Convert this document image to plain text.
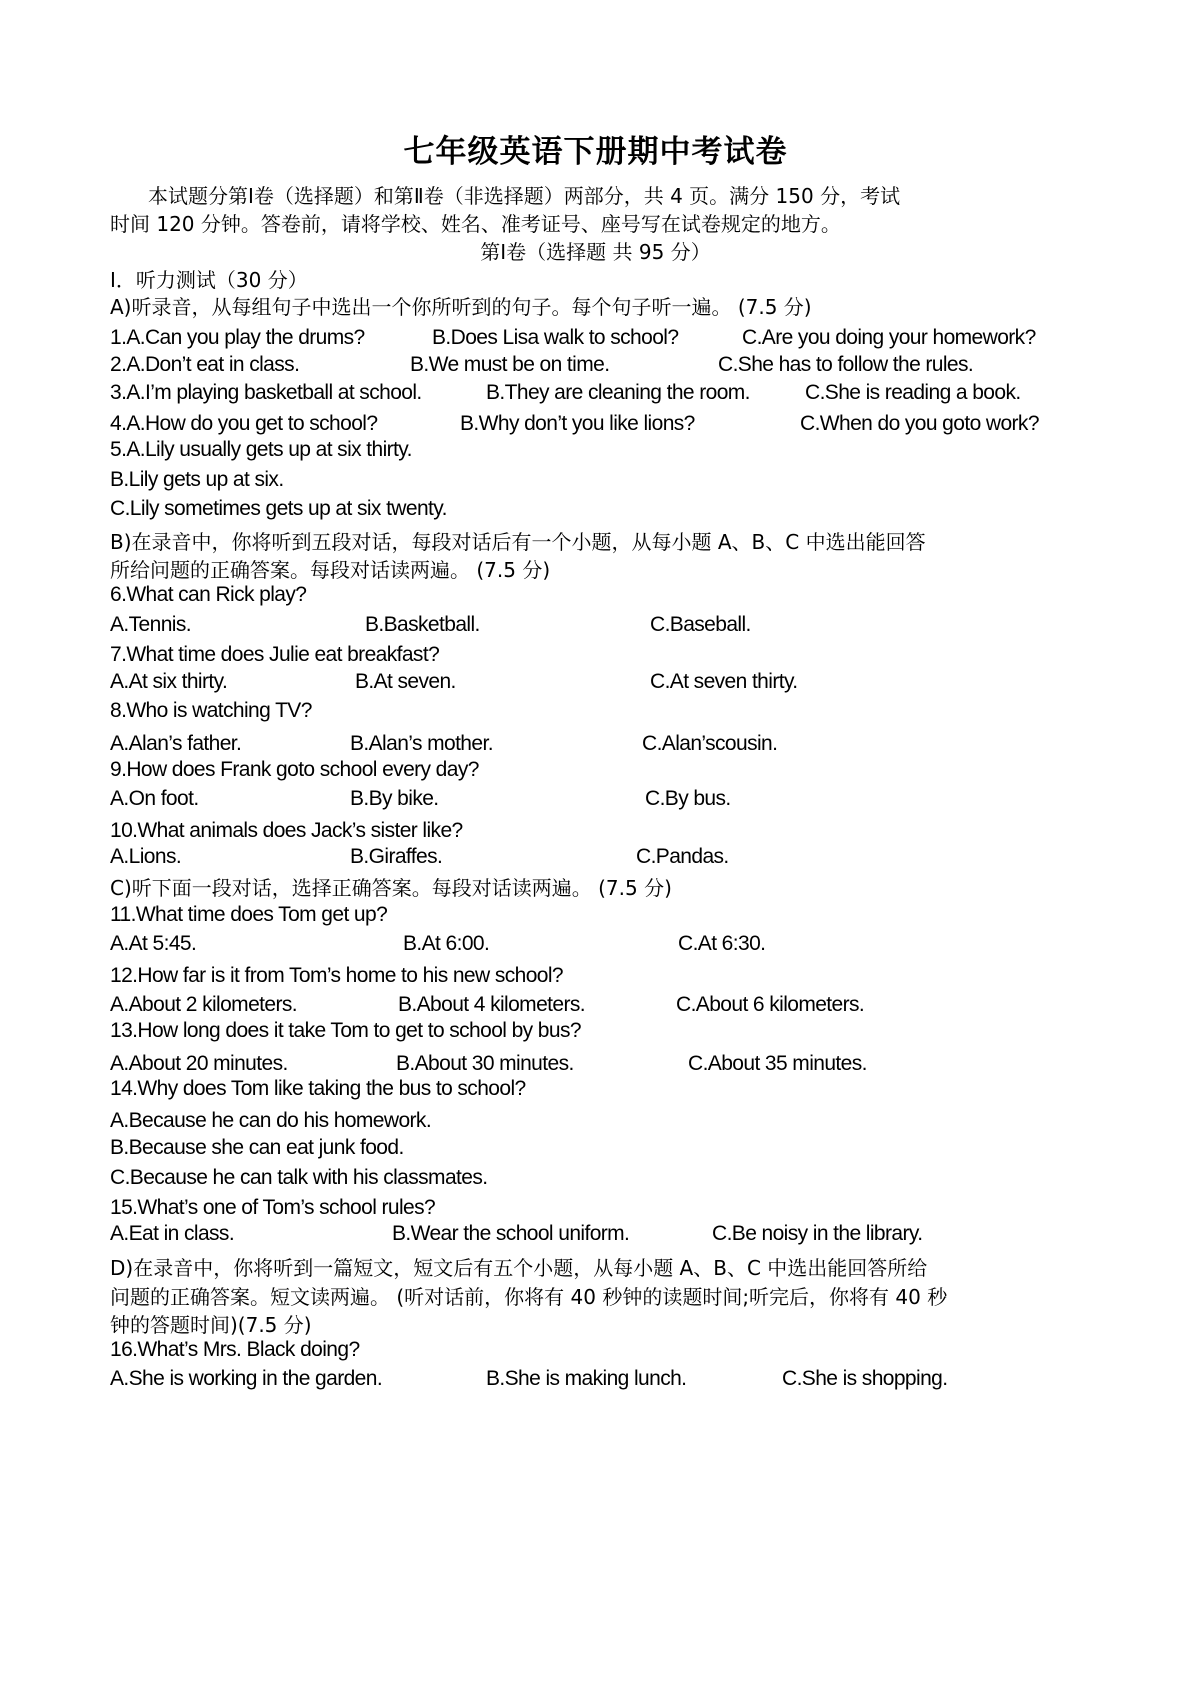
七年级英语下册期中考试卷
本试题分第Ⅰ卷（选择题）和第Ⅱ卷（非选择题）两部分，共 4 页。满分 150 分，考试
时间 120 分钟。答卷前，请将学校、姓名、准考证号、座号写在试卷规定的地方。
第Ⅰ卷（选择题 共 95 分）
Ⅰ．听力测试（30 分）
A)听录音，从每组句子中选出一个你所听到的句子。每个句子听一遍。 (7.5 分)
1.A.Can you play the drums?	B.Does Lisa walk to school?	C.Are you doing your homework?
2.A.Don’t eat in class.	B.We must be on time.	C.She has to follow the rules.
3.A.I’m playing basketball at school.	B.They are cleaning the room.	C.She is reading a book.
4.A.How do you get to school?	B.Why don’t you like lions?	C.When do you goto work?
5.A.Lily usually gets up at six thirty.
B.Lily gets up at six.
C.Lily sometimes gets up at six twenty.
B)在录音中，你将听到五段对话，每段对话后有一个小题，从每小题 A、B、C 中选出能回答
所给问题的正确答案。每段对话读两遍。 (7.5 分)
6.What can Rick play?
A.Tennis.	B.Basketball.	C.Baseball.
7.What time does Julie eat breakfast?
A.At six thirty.	B.At seven.	C.At seven thirty.
8.Who is watching TV?
A.Alan’s father.	B.Alan’s mother.	C.Alan’scousin.
9.How does Frank goto school every day?
A.On foot.	B.By bike.	C.By bus.
10.What animals does Jack’s sister like?
A.Lions.	B.Giraffes.	C.Pandas.
C)听下面一段对话，选择正确答案。每段对话读两遍。 (7.5 分)
11.What time does Tom get up?
A.At 5:45.	B.At 6:00.	C.At 6:30.
12.How far is it from Tom’s home to his new school?
A.About 2 kilometers.	B.About 4 kilometers.	C.About 6 kilometers.
13.How long does it take Tom to get to school by bus?
A.About 20 minutes.	B.About 30 minutes.	C.About 35 minutes.
14.Why does Tom like taking the bus to school?
A.Because he can do his homework.
B.Because she can eat junk food.
C.Because he can talk with his classmates.
15.What’s one of Tom’s school rules?
A.Eat in class.	B.Wear the school uniform.	C.Be noisy in the library.
D)在录音中，你将听到一篇短文，短文后有五个小题，从每小题 A、B、C 中选出能回答所给
问题的正确答案。短文读两遍。 (听对话前，你将有 40 秒钟的读题时间;听完后，你将有 40 秒
钟的答题时间)(7.5 分)
16.What’s Mrs. Black doing?
A.She is working in the garden.	B.She is making lunch.	C.She is shopping.
